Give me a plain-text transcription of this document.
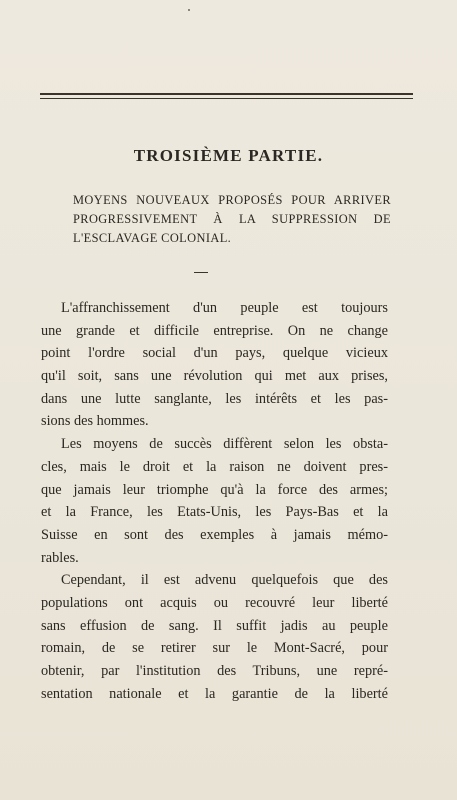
TROISIÈME PARTIE.
MOYENS NOUVEAUX PROPOSÉS POUR ARRIVER
PROGRESSIVEMENT À LA SUPPRESSION DE
L'ESCLAVAGE COLONIAL.
L'affranchissement d'un peuple est toujours
une grande et difficile entreprise. On ne change
point l'ordre social d'un pays, quelque vicieux
qu'il soit, sans une révolution qui met aux prises,
dans une lutte sanglante, les intérêts et les pas-
sions des hommes.
Les moyens de succès diffèrent selon les obsta-
cles, mais le droit et la raison ne doivent pres-
que jamais leur triomphe qu'à la force des armes;
et la France, les Etats-Unis, les Pays-Bas et la
Suisse en sont des exemples à jamais mémo-
rables.
Cependant, il est advenu quelquefois que des
populations ont acquis ou recouvré leur liberté
sans effusion de sang. Il suffit jadis au peuple
romain, de se retirer sur le Mont-Sacré, pour
obtenir, par l'institution des Tribuns, une repré-
sentation nationale et la garantie de la liberté
